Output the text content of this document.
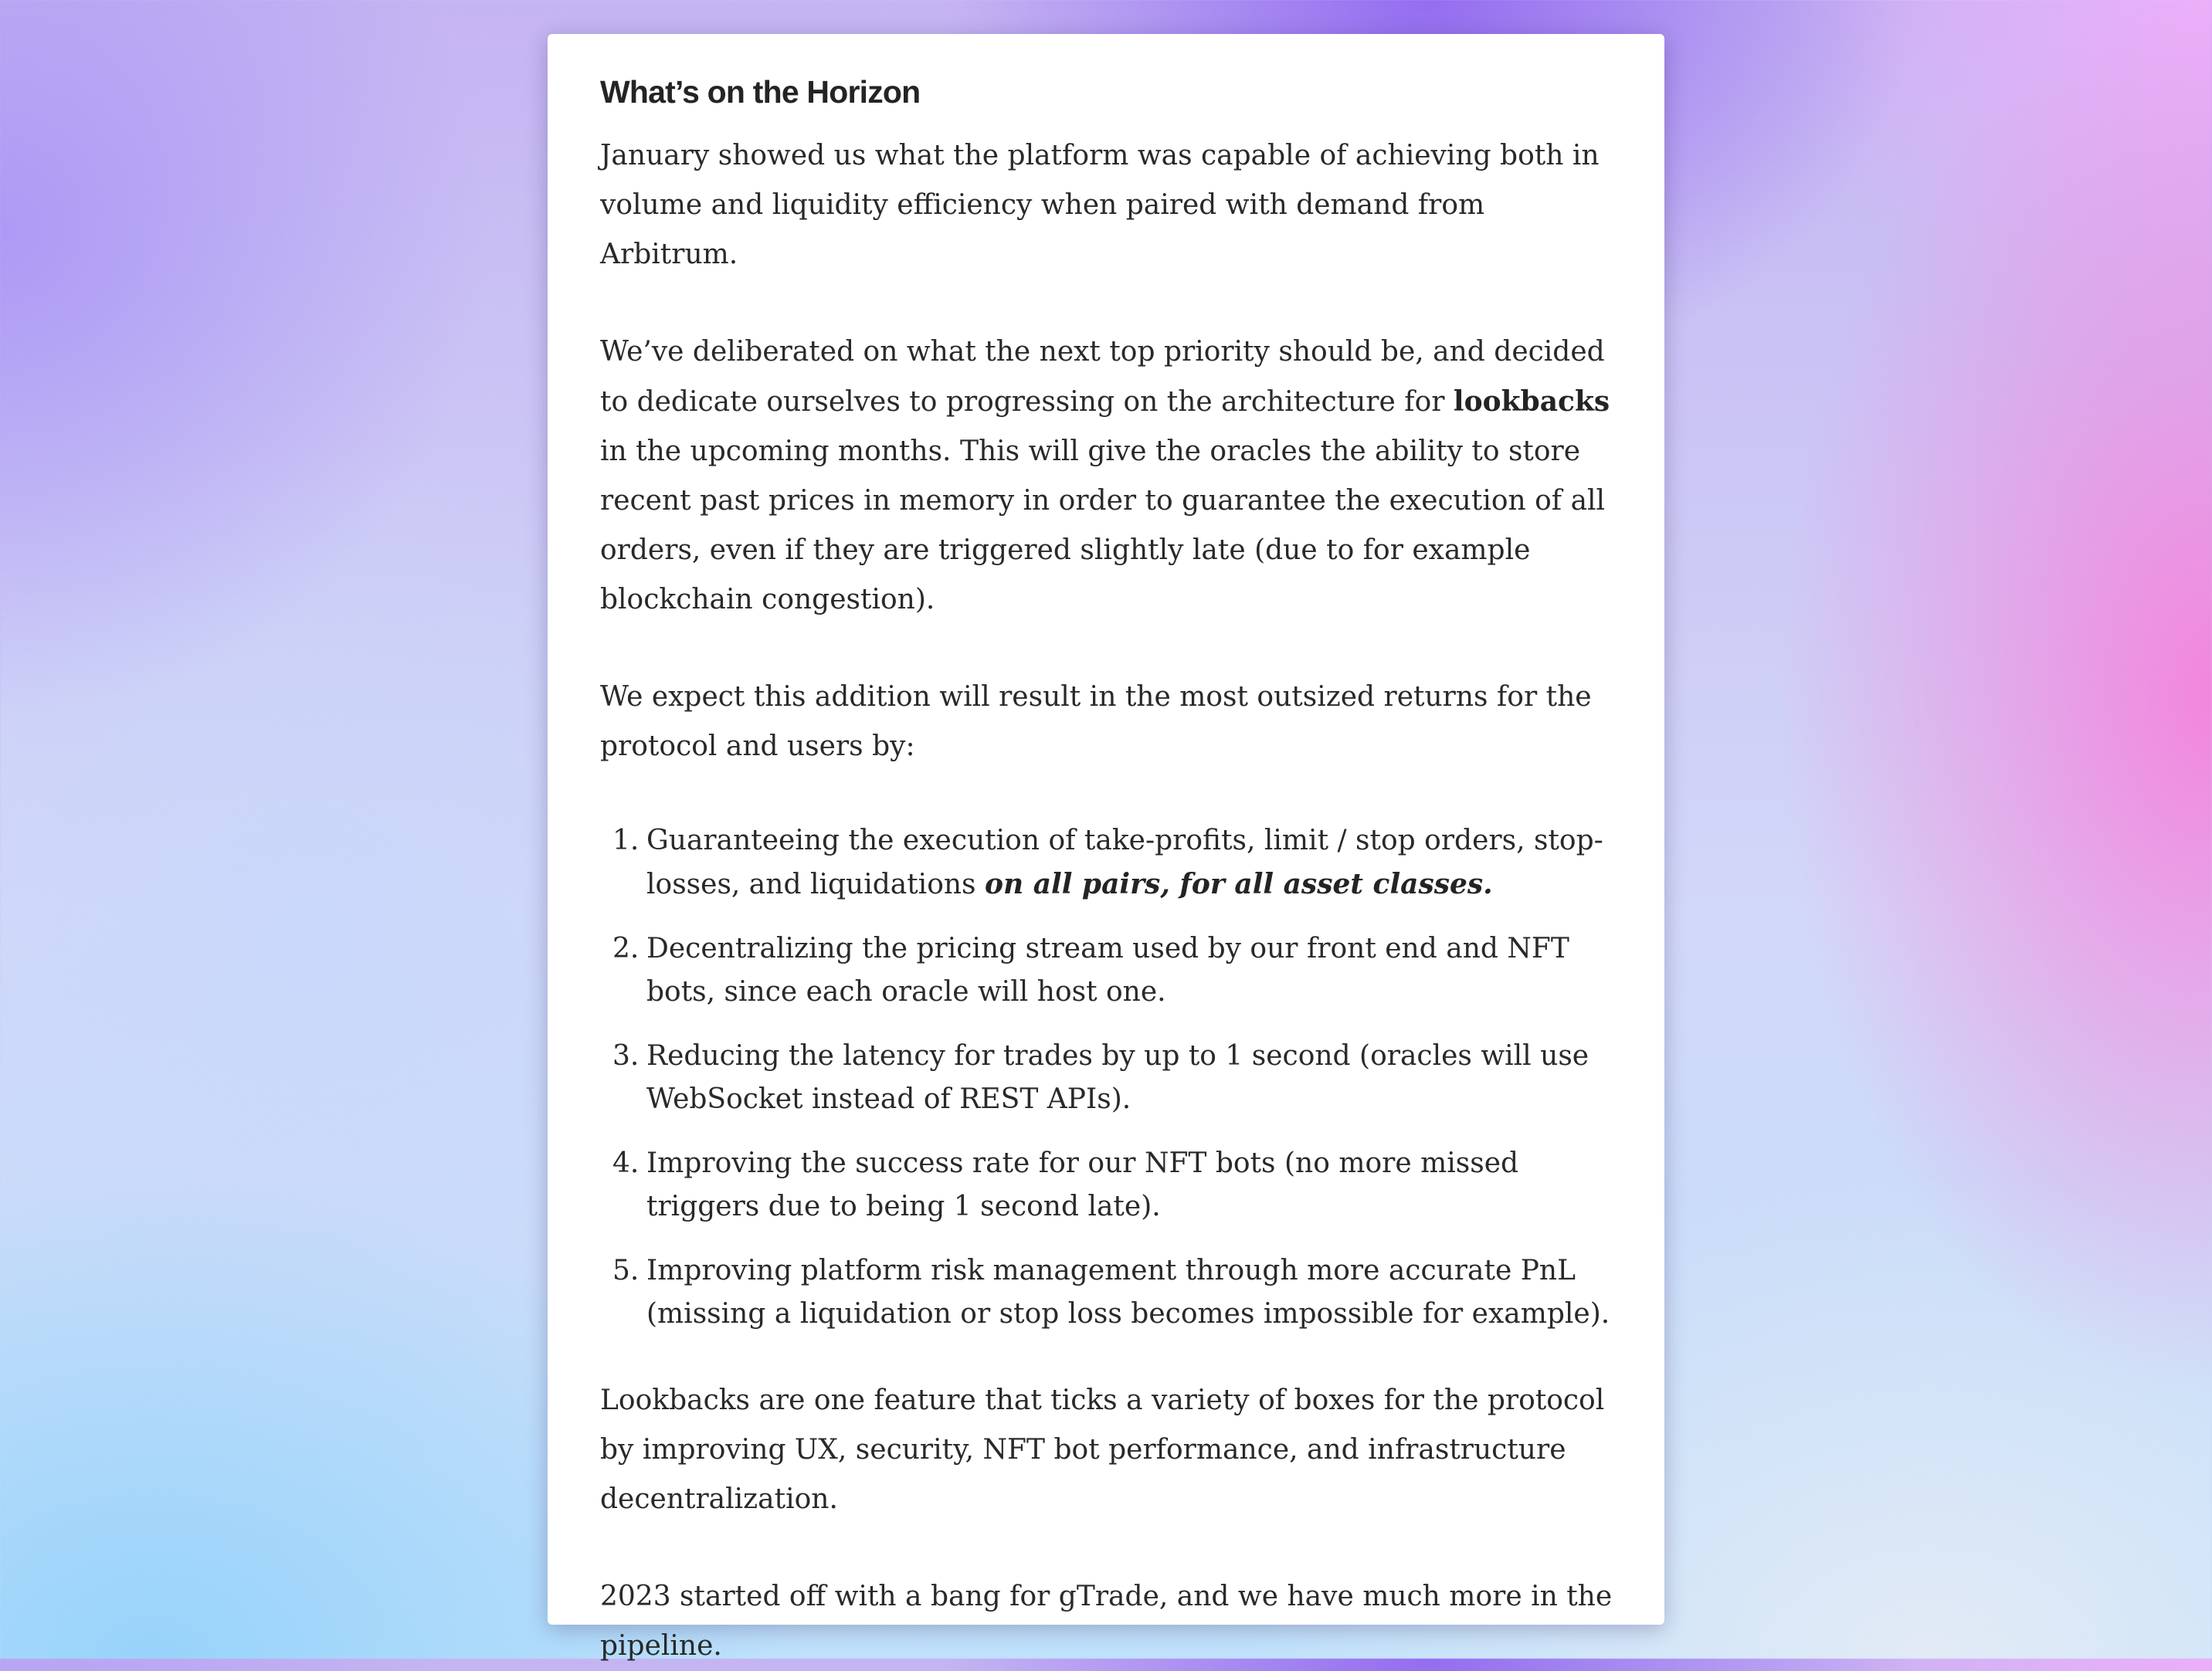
What’s on the Horizon

January showed us what the platform was capable of achieving both in volume and liquidity efficiency when paired with demand from Arbitrum.

We’ve deliberated on what the next top priority should be, and decided to dedicate ourselves to progressing on the architecture for lookbacks in the upcoming months. This will give the oracles the ability to store recent past prices in memory in order to guarantee the execution of all orders, even if they are triggered slightly late (due to for example blockchain congestion).

We expect this addition will result in the most outsized returns for the protocol and users by:

1. Guaranteeing the execution of take-profits, limit / stop orders, stop-losses, and liquidations on all pairs, for all asset classes.
2. Decentralizing the pricing stream used by our front end and NFT bots, since each oracle will host one.
3. Reducing the latency for trades by up to 1 second (oracles will use WebSocket instead of REST APIs).
4. Improving the success rate for our NFT bots (no more missed triggers due to being 1 second late).
5. Improving platform risk management through more accurate PnL (missing a liquidation or stop loss becomes impossible for example).

Lookbacks are one feature that ticks a variety of boxes for the protocol by improving UX, security, NFT bot performance, and infrastructure decentralization.

2023 started off with a bang for gTrade, and we have much more in the pipeline.
